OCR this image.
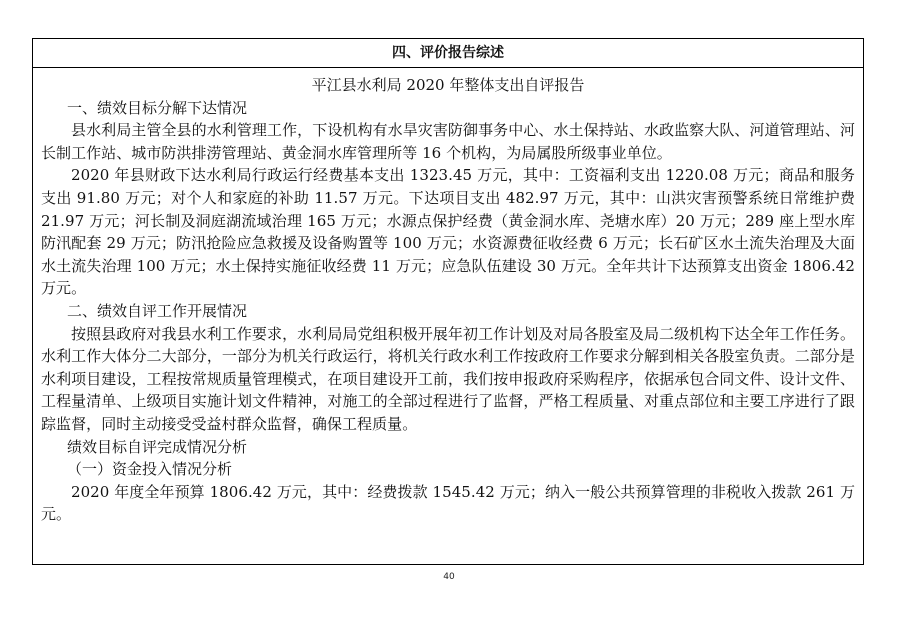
四、评价报告综述
平江县水利局 2020 年整体支出自评报告
一、绩效目标分解下达情况

县水利局主管全县的水利管理工作，下设机构有水旱灾害防御事务中心、水土保持站、水政监察大队、河道管理站、河长制工作站、城市防洪排涝管理站、黄金洞水库管理所等 16 个机构，为局属股所级事业单位。

2020 年县财政下达水利局行政运行经费基本支出 1323.45 万元，其中：工资福利支出 1220.08 万元；商品和服务支出 91.80 万元；对个人和家庭的补助 11.57 万元。下达项目支出 482.97 万元，其中：山洪灾害预警系统日常维护费 21.97 万元；河长制及洞庭湖流域治理 165 万元；水源点保护经费（黄金洞水库、尧塘水库）20 万元；289 座上型水库防汛配套 29 万元；防汛抢险应急救援及设备购置等 100 万元；水资源费征收经费 6 万元；长石矿区水土流失治理及大面水土流失治理 100 万元；水土保持实施征收经费 11 万元；应急队伍建设 30 万元。全年共计下达预算支出资金 1806.42 万元。

二、绩效自评工作开展情况

按照县政府对我县水利工作要求，水利局局党组积极开展年初工作计划及对局各股室及局二级机构下达全年工作任务。水利工作大体分二大部分，一部分为机关行政运行，将机关行政水利工作按政府工作要求分解到相关各股室负责。二部分是水利项目建设，工程按常规质量管理模式，在项目建设开工前，我们按申报政府采购程序，依据承包合同文件、设计文件、工程量清单、上级项目实施计划文件精神，对施工的全部过程进行了监督，严格工程质量、对重点部位和主要工序进行了跟踪监督，同时主动接受受益村群众监督，确保工程质量。

绩效目标自评完成情况分析
（一）资金投入情况分析

2020 年度全年预算 1806.42 万元，其中：经费拨款 1545.42 万元；纳入一般公共预算管理的非税收入拨款 261 万元。

40
